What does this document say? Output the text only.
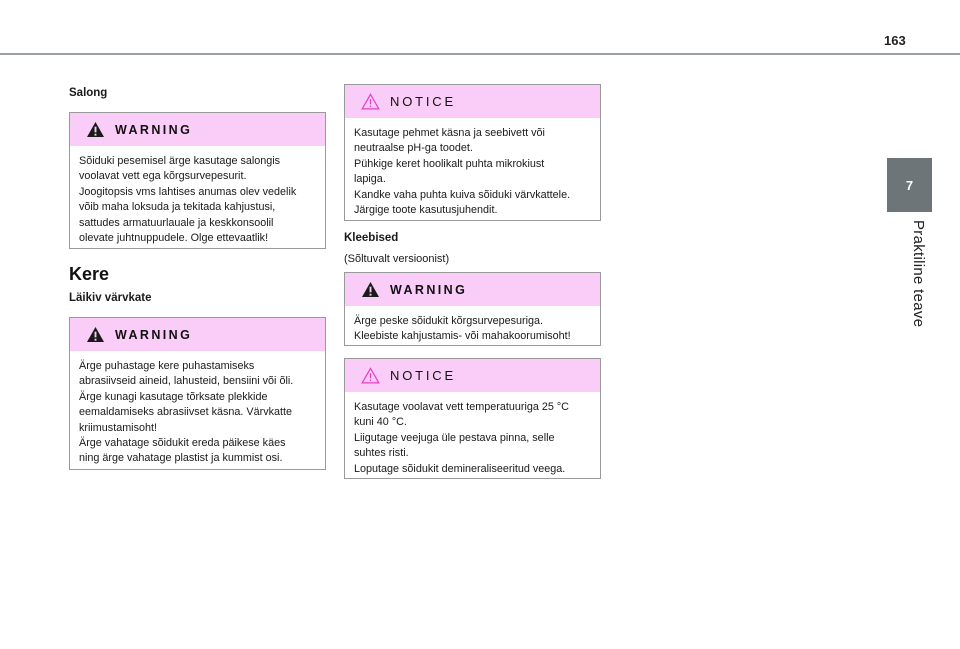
163
7
Praktiline teave
Salong
WARNING
Sõiduki pesemisel ärge kasutage salongis
voolavat vett ega kõrgsurvepesurit.
Joogitopsis vms lahtises anumas olev vedelik
võib maha loksuda ja tekitada kahjustusi,
sattudes armatuurlauale ja keskkonsoolil
olevate juhtnuppudele. Olge ettevaatlik!
Kere
Läikiv värvkate
WARNING
Ärge puhastage kere puhastamiseks
abrasiivseid aineid, lahusteid, bensiini või õli.
Ärge kunagi kasutage tõrksate plekkide
eemaldamiseks abrasiivset käsna. Värvkatte
kriimustamisoht!
Ärge vahatage sõidukit ereda päikese käes
ning ärge vahatage plastist ja kummist osi.
NOTICE
Kasutage pehmet käsna ja seebivett või
neutraalse pH-ga toodet.
Pühkige keret hoolikalt puhta mikrokiust
lapiga.
Kandke vaha puhta kuiva sõiduki värvkattele.
Järgige toote kasutusjuhendit.
Kleebised
(Sõltuvalt versioonist)
WARNING
Ärge peske sõidukit kõrgsurvepesuriga.
Kleebiste kahjustamis- või mahakoorumisoht!
NOTICE
Kasutage voolavat vett temperatuuriga 25 °C
kuni 40 °C.
Liigutage veejuga üle pestava pinna, selle
suhtes risti.
Loputage sõidukit demineraliseeritud veega.
